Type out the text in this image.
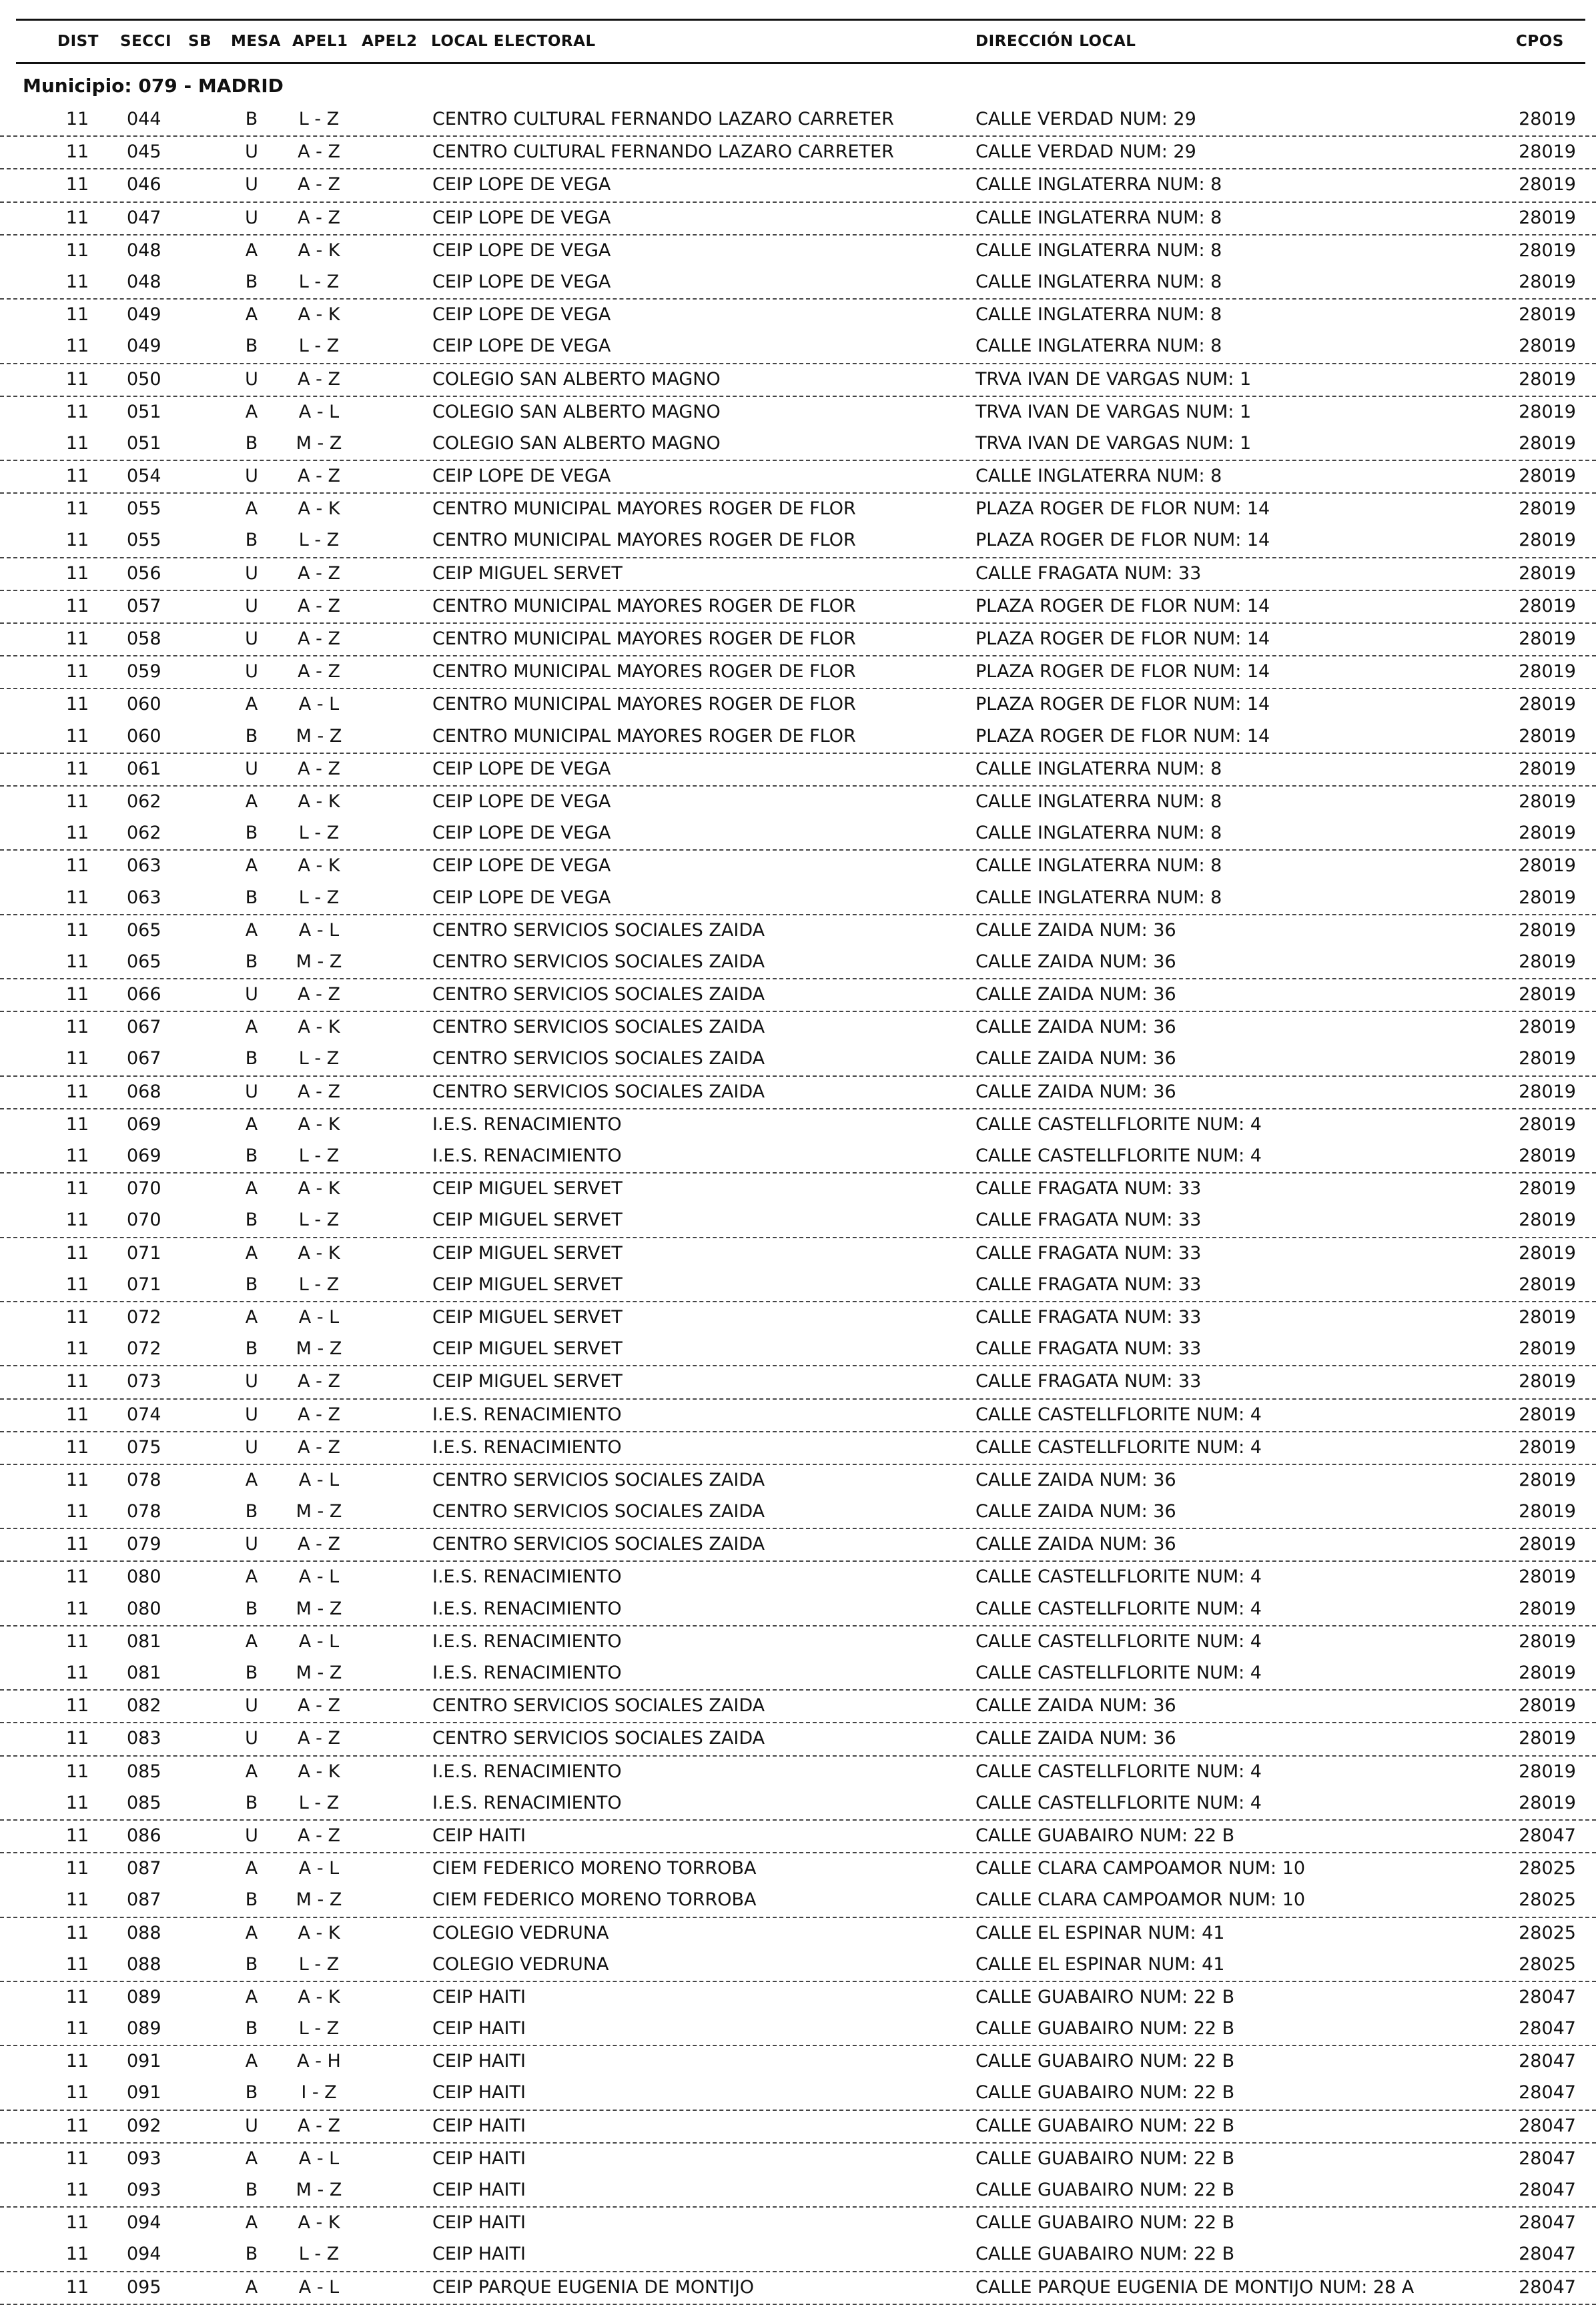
DIST SECCI SB MESA APEL1 APEL2 LOCAL ELECTORAL	DIRECCIÓN LOCAL	CPOS
Municipio: 079 - MADRID
11 044	B	L - Z	CENTRO CULTURAL FERNANDO LAZARO CARRETER	CALLE VERDAD NUM: 29	28019
11 045	U A - Z	CENTRO CULTURAL FERNANDO LAZARO CARRETER	CALLE VERDAD NUM: 29	28019
11 046	U A - Z	CEIP LOPE DE VEGA	CALLE INGLATERRA NUM: 8	28019
11 047	U A - Z	CEIP LOPE DE VEGA	CALLE INGLATERRA NUM: 8	28019
11 048	A	A - K	CEIP LOPE DE VEGA	CALLE INGLATERRA NUM: 8	28019
11 048	B	L - Z	CEIP LOPE DE VEGA	CALLE INGLATERRA NUM: 8	28019
11 049	A	A - K	CEIP LOPE DE VEGA	CALLE INGLATERRA NUM: 8	28019
11 049	B	L - Z	CEIP LOPE DE VEGA	CALLE INGLATERRA NUM: 8	28019
11 050	U A - Z	COLEGIO SAN ALBERTO MAGNO	TRVA IVAN DE VARGAS NUM: 1	28019
11 051	A	A - L	COLEGIO SAN ALBERTO MAGNO	TRVA IVAN DE VARGAS NUM: 1	28019
11 051	B M - Z	COLEGIO SAN ALBERTO MAGNO	TRVA IVAN DE VARGAS NUM: 1	28019
11 054	U A - Z	CEIP LOPE DE VEGA	CALLE INGLATERRA NUM: 8	28019
11 055	A	A - K	CENTRO MUNICIPAL MAYORES ROGER DE FLOR	PLAZA ROGER DE FLOR NUM: 14	28019
11 055	B	L - Z	CENTRO MUNICIPAL MAYORES ROGER DE FLOR	PLAZA ROGER DE FLOR NUM: 14	28019
11 056	U A - Z	CEIP MIGUEL SERVET	CALLE FRAGATA NUM: 33	28019
11 057	U A - Z	CENTRO MUNICIPAL MAYORES ROGER DE FLOR	PLAZA ROGER DE FLOR NUM: 14	28019
11 058	U A - Z	CENTRO MUNICIPAL MAYORES ROGER DE FLOR	PLAZA ROGER DE FLOR NUM: 14	28019
11 059	U A - Z	CENTRO MUNICIPAL MAYORES ROGER DE FLOR	PLAZA ROGER DE FLOR NUM: 14	28019
11 060	A	A - L	CENTRO MUNICIPAL MAYORES ROGER DE FLOR	PLAZA ROGER DE FLOR NUM: 14	28019
11 060	B M - Z	CENTRO MUNICIPAL MAYORES ROGER DE FLOR	PLAZA ROGER DE FLOR NUM: 14	28019
11 061	U A - Z	CEIP LOPE DE VEGA	CALLE INGLATERRA NUM: 8	28019
11 062	A	A - K	CEIP LOPE DE VEGA	CALLE INGLATERRA NUM: 8	28019
11 062	B	L - Z	CEIP LOPE DE VEGA	CALLE INGLATERRA NUM: 8	28019
11 063	A	A - K	CEIP LOPE DE VEGA	CALLE INGLATERRA NUM: 8	28019
11 063	B	L - Z	CEIP LOPE DE VEGA	CALLE INGLATERRA NUM: 8	28019
11 065	A	A - L	CENTRO SERVICIOS SOCIALES ZAIDA	CALLE ZAIDA NUM: 36	28019
11 065	B M - Z	CENTRO SERVICIOS SOCIALES ZAIDA	CALLE ZAIDA NUM: 36	28019
11 066	U A - Z	CENTRO SERVICIOS SOCIALES ZAIDA	CALLE ZAIDA NUM: 36	28019
11 067	A	A - K	CENTRO SERVICIOS SOCIALES ZAIDA	CALLE ZAIDA NUM: 36	28019
11 067	B	L - Z	CENTRO SERVICIOS SOCIALES ZAIDA	CALLE ZAIDA NUM: 36	28019
11 068	U A - Z	CENTRO SERVICIOS SOCIALES ZAIDA	CALLE ZAIDA NUM: 36	28019
11 069	A	A - K	I.E.S. RENACIMIENTO	CALLE CASTELLFLORITE NUM: 4	28019
11 069	B	L - Z	I.E.S. RENACIMIENTO	CALLE CASTELLFLORITE NUM: 4	28019
11 070	A	A - K	CEIP MIGUEL SERVET	CALLE FRAGATA NUM: 33	28019
11 070	B	L - Z	CEIP MIGUEL SERVET	CALLE FRAGATA NUM: 33	28019
11 071	A	A - K	CEIP MIGUEL SERVET	CALLE FRAGATA NUM: 33	28019
11 071	B	L - Z	CEIP MIGUEL SERVET	CALLE FRAGATA NUM: 33	28019
11 072	A	A - L	CEIP MIGUEL SERVET	CALLE FRAGATA NUM: 33	28019
11 072	B M - Z	CEIP MIGUEL SERVET	CALLE FRAGATA NUM: 33	28019
11 073	U A - Z	CEIP MIGUEL SERVET	CALLE FRAGATA NUM: 33	28019
11 074	U A - Z	I.E.S. RENACIMIENTO	CALLE CASTELLFLORITE NUM: 4	28019
11 075	U A - Z	I.E.S. RENACIMIENTO	CALLE CASTELLFLORITE NUM: 4	28019
11 078	A	A - L	CENTRO SERVICIOS SOCIALES ZAIDA	CALLE ZAIDA NUM: 36	28019
11 078	B M - Z	CENTRO SERVICIOS SOCIALES ZAIDA	CALLE ZAIDA NUM: 36	28019
11 079	U A - Z	CENTRO SERVICIOS SOCIALES ZAIDA	CALLE ZAIDA NUM: 36	28019
11 080	A	A - L	I.E.S. RENACIMIENTO	CALLE CASTELLFLORITE NUM: 4	28019
11 080	B M - Z	I.E.S. RENACIMIENTO	CALLE CASTELLFLORITE NUM: 4	28019
11 081	A	A - L	I.E.S. RENACIMIENTO	CALLE CASTELLFLORITE NUM: 4	28019
11 081	B M - Z	I.E.S. RENACIMIENTO	CALLE CASTELLFLORITE NUM: 4	28019
11 082	U A - Z	CENTRO SERVICIOS SOCIALES ZAIDA	CALLE ZAIDA NUM: 36	28019
11 083	U A - Z	CENTRO SERVICIOS SOCIALES ZAIDA	CALLE ZAIDA NUM: 36	28019
11 085	A	A - K	I.E.S. RENACIMIENTO	CALLE CASTELLFLORITE NUM: 4	28019
11 085	B	L - Z	I.E.S. RENACIMIENTO	CALLE CASTELLFLORITE NUM: 4	28019
11 086	U A - Z	CEIP HAITI	CALLE GUABAIRO NUM: 22 B	28047
11 087	A	A - L	CIEM FEDERICO MORENO TORROBA	CALLE CLARA CAMPOAMOR NUM: 10	28025
11 087	B M - Z	CIEM FEDERICO MORENO TORROBA	CALLE CLARA CAMPOAMOR NUM: 10	28025
11 088	A	A - K	COLEGIO VEDRUNA	CALLE EL ESPINAR NUM: 41	28025
11 088	B	L - Z	COLEGIO VEDRUNA	CALLE EL ESPINAR NUM: 41	28025
11 089	A	A - K	CEIP HAITI	CALLE GUABAIRO NUM: 22 B	28047
11 089	B	L - Z	CEIP HAITI	CALLE GUABAIRO NUM: 22 B	28047
11 091	A A - H	CEIP HAITI	CALLE GUABAIRO NUM: 22 B	28047
11 091	B	I - Z	CEIP HAITI	CALLE GUABAIRO NUM: 22 B	28047
11 092	U A - Z	CEIP HAITI	CALLE GUABAIRO NUM: 22 B	28047
11 093	A	A - L	CEIP HAITI	CALLE GUABAIRO NUM: 22 B	28047
11 093	B M - Z	CEIP HAITI	CALLE GUABAIRO NUM: 22 B	28047
11 094	A	A - K	CEIP HAITI	CALLE GUABAIRO NUM: 22 B	28047
11 094	B	L - Z	CEIP HAITI	CALLE GUABAIRO NUM: 22 B	28047
11 095	A	A - L	CEIP PARQUE EUGENIA DE MONTIJO	CALLE PARQUE EUGENIA DE MONTIJO NUM: 28 A	28047
